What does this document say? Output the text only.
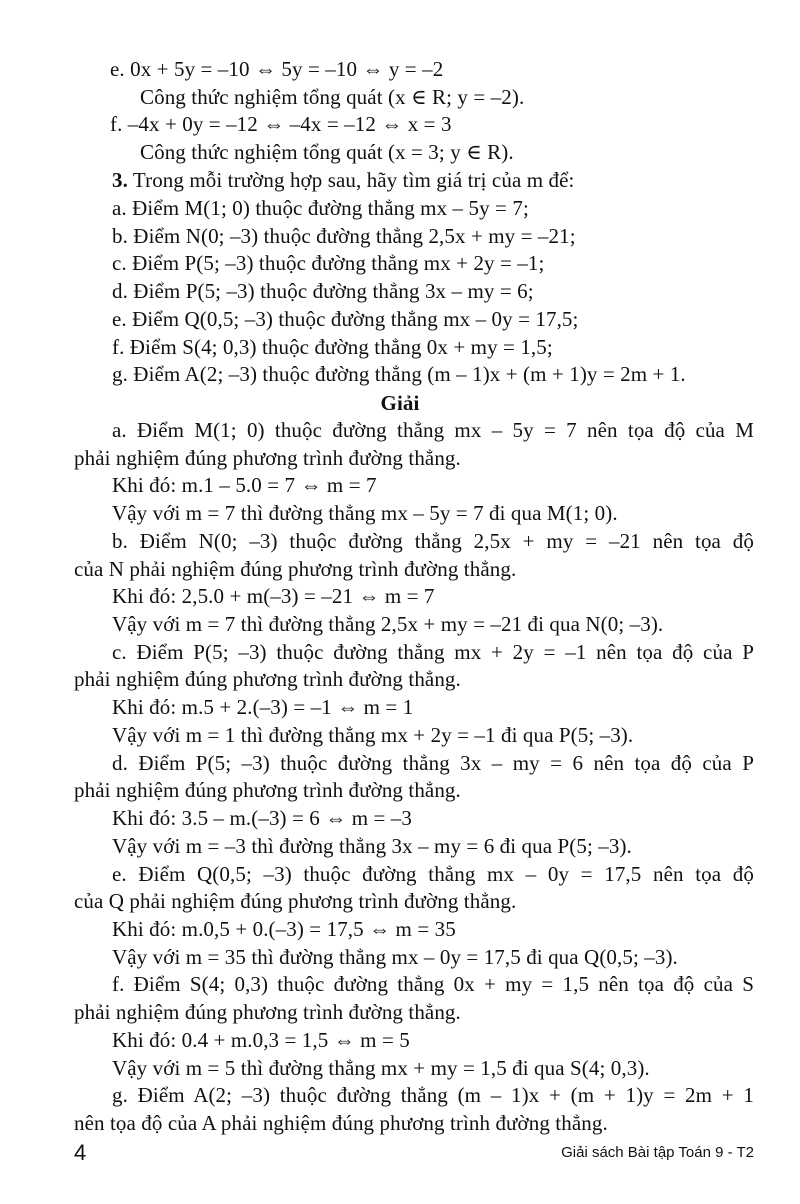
e. 0x + 5y = –10 ⇔ 5y = –10 ⇔ y = –2
Công thức nghiệm tổng quát (x ∈ R; y = –2).
f. –4x + 0y = –12 ⇔ –4x = –12 ⇔ x = 3
Công thức nghiệm tổng quát (x = 3; y ∈ R).
3. Trong mỗi trường hợp sau, hãy tìm giá trị của m để:
a. Điểm M(1; 0) thuộc đường thẳng mx – 5y = 7;
b. Điểm N(0; –3) thuộc đường thẳng 2,5x + my = –21;
c. Điểm P(5; –3) thuộc đường thẳng mx + 2y = –1;
d. Điểm P(5; –3) thuộc đường thẳng 3x – my = 6;
e. Điểm Q(0,5; –3) thuộc đường thẳng mx – 0y = 17,5;
f. Điểm S(4; 0,3) thuộc đường thẳng 0x + my = 1,5;
g. Điểm A(2; –3) thuộc đường thẳng (m – 1)x + (m + 1)y = 2m + 1.
Giải
a. Điểm M(1; 0) thuộc đường thẳng mx – 5y = 7 nên tọa độ của M
phải nghiệm đúng phương trình đường thẳng.
Khi đó: m.1 – 5.0 = 7 ⇔ m = 7
Vậy với m = 7 thì đường thẳng mx – 5y = 7 đi qua M(1; 0).
b. Điểm N(0; –3) thuộc đường thẳng 2,5x + my = –21 nên tọa độ
của N phải nghiệm đúng phương trình đường thẳng.
Khi đó: 2,5.0 + m(–3) = –21 ⇔ m = 7
Vậy với m = 7 thì đường thẳng 2,5x + my = –21 đi qua N(0; –3).
c. Điểm P(5; –3) thuộc đường thẳng mx + 2y = –1 nên tọa độ của P
phải nghiệm đúng phương trình đường thẳng.
Khi đó: m.5 + 2.(–3) = –1 ⇔ m = 1
Vậy với m = 1 thì đường thẳng mx + 2y = –1 đi qua P(5; –3).
d. Điểm P(5; –3) thuộc đường thẳng 3x – my = 6 nên tọa độ của P
phải nghiệm đúng phương trình đường thẳng.
Khi đó: 3.5 – m.(–3) = 6 ⇔ m = –3
Vậy với m = –3 thì đường thẳng 3x – my = 6 đi qua P(5; –3).
e. Điểm Q(0,5; –3) thuộc đường thẳng mx – 0y = 17,5 nên tọa độ
của Q phải nghiệm đúng phương trình đường thẳng.
Khi đó: m.0,5 + 0.(–3) = 17,5 ⇔ m = 35
Vậy với m = 35 thì đường thẳng mx – 0y = 17,5 đi qua Q(0,5; –3).
f. Điểm S(4; 0,3) thuộc đường thẳng 0x + my = 1,5 nên tọa độ của S
phải nghiệm đúng phương trình đường thẳng.
Khi đó: 0.4 + m.0,3 = 1,5 ⇔ m = 5
Vậy với m = 5 thì đường thẳng mx + my = 1,5 đi qua S(4; 0,3).
g. Điểm A(2; –3) thuộc đường thẳng (m – 1)x + (m + 1)y = 2m + 1
nên tọa độ của A phải nghiệm đúng phương trình đường thẳng.
4	Giải sách Bài tập Toán 9 - T2
